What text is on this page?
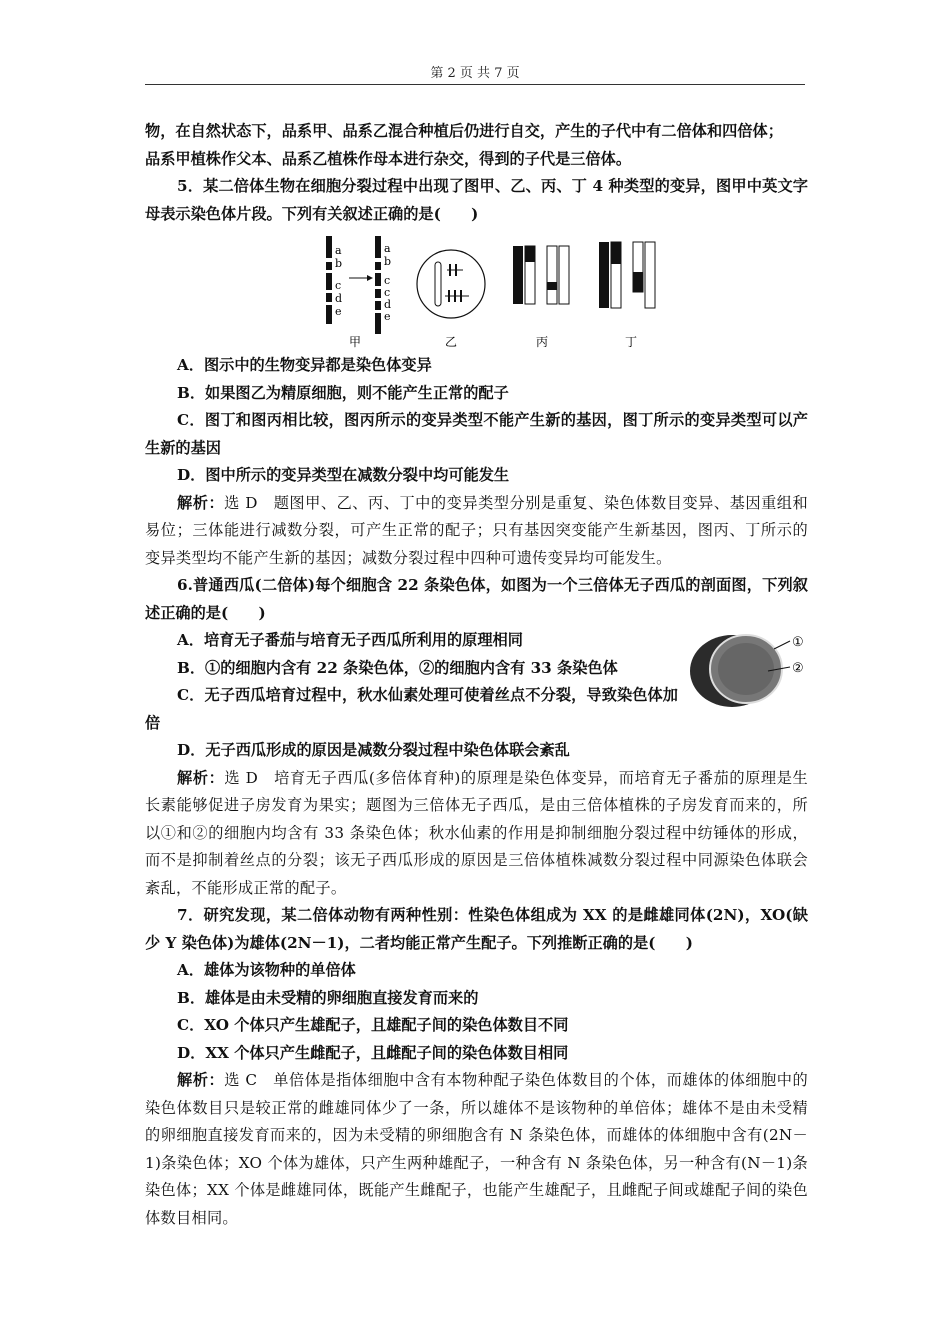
第 2 页 共 7 页

物，在自然状态下，品系甲、品系乙混合种植后仍进行自交，产生的子代中有二倍体和四倍体；

品系甲植株作父本、品系乙植株作母本进行杂交，得到的子代是三倍体。

5．某二倍体生物在细胞分裂过程中出现了图甲、乙、丙、丁 4 种类型的变异，图甲中英文字母表示染色体片段。下列有关叙述正确的是(　　)

a
b
c
d
e
a
b
c
c
d
e
甲	乙	丙	丁

A．图示中的生物变异都是染色体变异

B．如果图乙为精原细胞，则不能产生正常的配子

C．图丁和图丙相比较，图丙所示的变异类型不能产生新的基因，图丁所示的变异类型可以产生新的基因

D．图中所示的变异类型在减数分裂中均可能发生

解析：选 D　题图甲、乙、丙、丁中的变异类型分别是重复、染色体数目变异、基因重组和易位；三体能进行减数分裂，可产生正常的配子；只有基因突变能产生新基因，图丙、丁所示的变异类型均不能产生新的基因；减数分裂过程中四种可遗传变异均可能发生。

6.普通西瓜(二倍体)每个细胞含 22 条染色体，如图为一个三倍体无子西瓜的剖面图，下列叙述正确的是(　　)

①
②

A．培育无子番茄与培育无子西瓜所利用的原理相同

B．①的细胞内含有 22 条染色体，②的细胞内含有 33 条染色体

C．无子西瓜培育过程中，秋水仙素处理可使着丝点不分裂，导致染色体加倍

D．无子西瓜形成的原因是减数分裂过程中染色体联会紊乱

解析：选 D　培育无子西瓜(多倍体育种)的原理是染色体变异，而培育无子番茄的原理是生长素能够促进子房发育为果实；题图为三倍体无子西瓜，是由三倍体植株的子房发育而来的，所以①和②的细胞内均含有 33 条染色体；秋水仙素的作用是抑制细胞分裂过程中纺锤体的形成，而不是抑制着丝点的分裂；该无子西瓜形成的原因是三倍体植株减数分裂过程中同源染色体联会紊乱，不能形成正常的配子。

7．研究发现，某二倍体动物有两种性别：性染色体组成为 XX 的是雌雄同体(2N)，XO(缺少 Y 染色体)为雄体(2N－1)，二者均能正常产生配子。下列推断正确的是(　　)

A．雄体为该物种的单倍体

B．雄体是由未受精的卵细胞直接发育而来的

C．XO 个体只产生雄配子，且雄配子间的染色体数目不同

D．XX 个体只产生雌配子，且雌配子间的染色体数目相同

解析：选 C　单倍体是指体细胞中含有本物种配子染色体数目的个体，而雄体的体细胞中的染色体数目只是较正常的雌雄同体少了一条，所以雄体不是该物种的单倍体；雄体不是由未受精的卵细胞直接发育而来的，因为未受精的卵细胞含有 N 条染色体，而雄体的体细胞中含有(2N－1)条染色体；XO 个体为雄体，只产生两种雄配子，一种含有 N 条染色体，另一种含有(N－1)条染色体；XX 个体是雌雄同体，既能产生雌配子，也能产生雄配子，且雌配子间或雄配子间的染色体数目相同。
